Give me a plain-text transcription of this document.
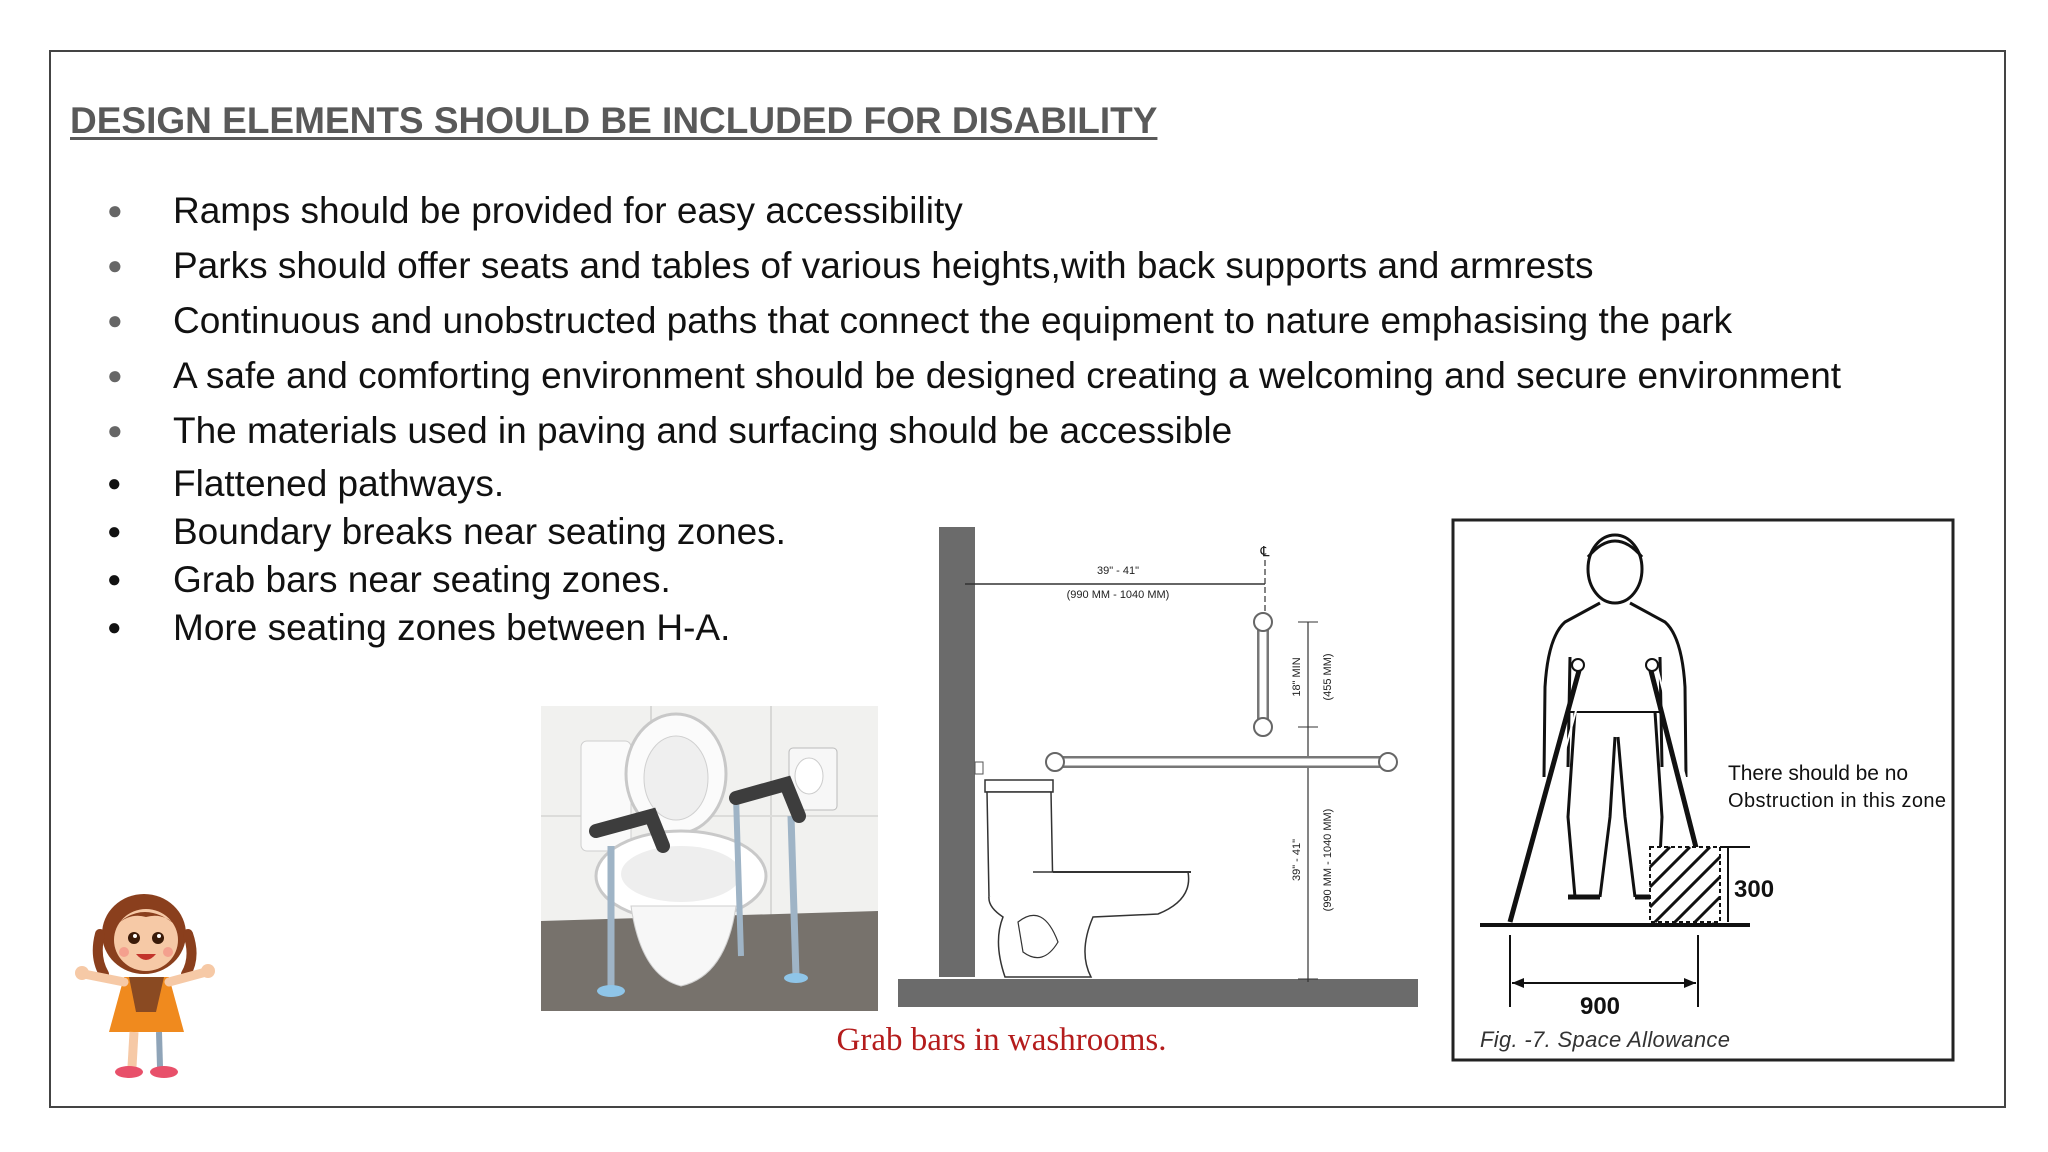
DESIGN ELEMENTS SHOULD BE INCLUDED FOR DISABILITY
● Ramps should be provided for easy accessibility
● Parks should offer seats and tables of various heights,with back supports and armrests
● Continuous and unobstructed paths that connect the equipment to nature emphasising the park
● A safe and comforting environment should be designed creating a welcoming and secure environment
● The materials used in paving and surfacing should be accessible
● Flattened pathways.
● Boundary breaks near seating zones.
● Grab bars near seating zones.
● More seating zones between H-A.
39" - 41"
(990 MM - 1040 MM)
℄
18" MIN (455 MM)
39" - 41" (990 MM - 1040 MM)
Grab bars in washrooms.
300
There should be no
Obstruction in this zone
900
Fig. -7. Space Allowance
